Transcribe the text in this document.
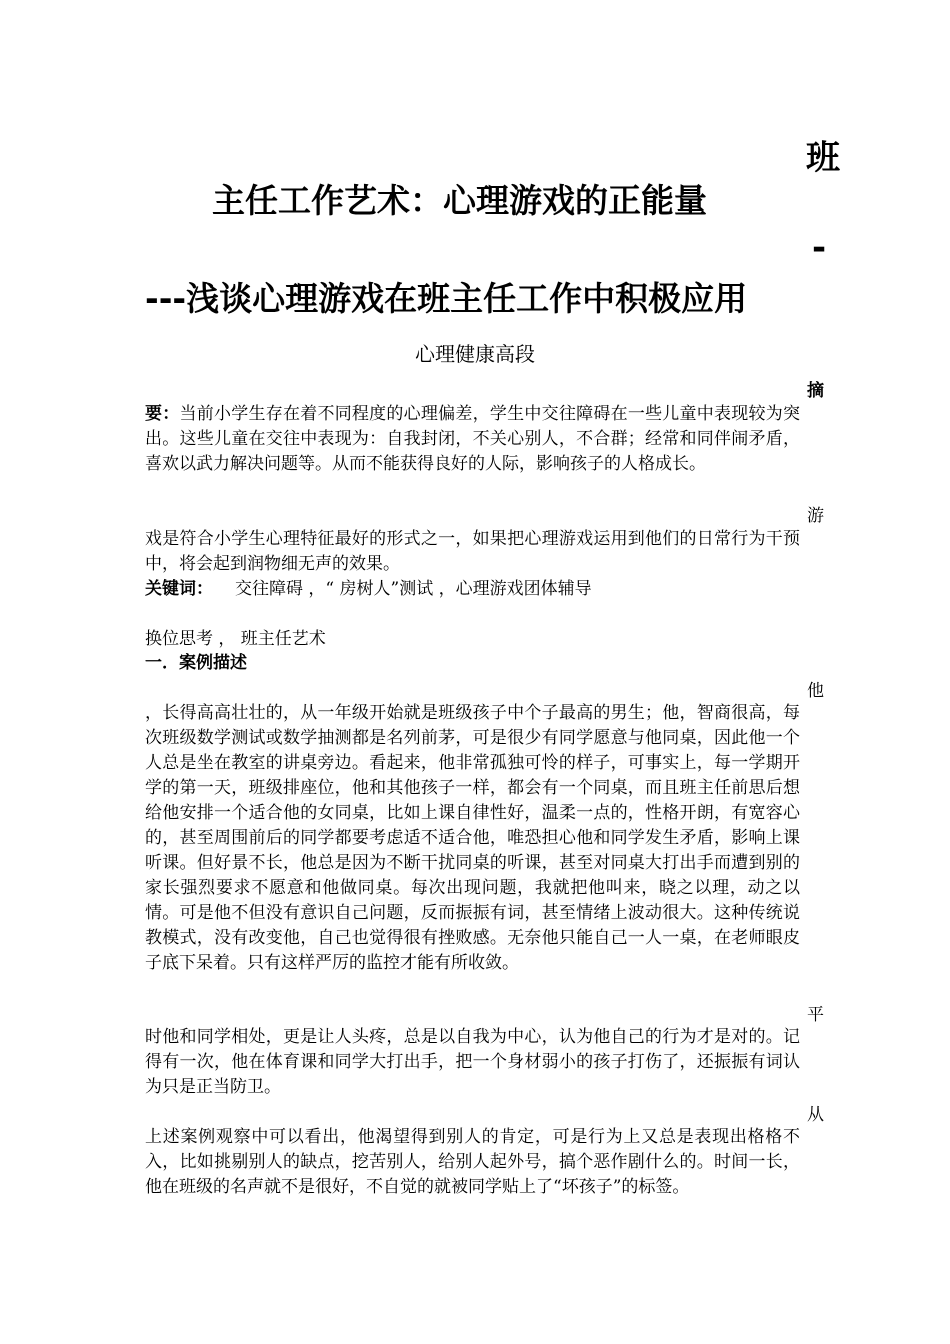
班
-
摘
游
他
平
从
主任工作艺术：心理游戏的正能量
---浅谈心理游戏在班主任工作中积极应用
心理健康高段

要：当前小学生存在着不同程度的心理偏差，学生中交往障碍在一些儿童中表现较为突出。这些儿童在交往中表现为：自我封闭，不关心别人，不合群；经常和同伴闹矛盾，喜欢以武力解决问题等。从而不能获得良好的人际，影响孩子的人格成长。

戏是符合小学生心理特征最好的形式之一，如果把心理游戏运用到他们的日常行为干预中，将会起到润物细无声的效果。

关键词： 交往障碍 ，“ 房树人”测试 ，心理游戏团体辅导
换位思考 ， 班主任艺术
一．案例描述

，长得高高壮壮的，从一年级开始就是班级孩子中个子最高的男生；他，智商很高，每次班级数学测试或数学抽测都是名列前茅，可是很少有同学愿意与他同桌，因此他一个人总是坐在教室的讲桌旁边。看起来，他非常孤独可怜的样子，可事实上，每一学期开学的第一天，班级排座位，他和其他孩子一样，都会有一个同桌，而且班主任前思后想给他安排一个适合他的女同桌，比如上课自律性好，温柔一点的，性格开朗，有宽容心的，甚至周围前后的同学都要考虑适不适合他，唯恐担心他和同学发生矛盾，影响上课听课。但好景不长，他总是因为不断干扰同桌的听课，甚至对同桌大打出手而遭到别的家长强烈要求不愿意和他做同桌。每次出现问题，我就把他叫来，晓之以理，动之以情。可是他不但没有意识自己问题，反而振振有词，甚至情绪上波动很大。这种传统说教模式，没有改变他，自己也觉得很有挫败感。无奈他只能自己一人一桌，在老师眼皮子底下呆着。只有这样严厉的监控才能有所收敛。

时他和同学相处，更是让人头疼，总是以自我为中心，认为他自己的行为才是对的。记得有一次，他在体育课和同学大打出手，把一个身材弱小的孩子打伤了，还振振有词认为只是正当防卫。

上述案例观察中可以看出，他渴望得到别人的肯定，可是行为上又总是表现出格格不入，比如挑剔别人的缺点，挖苦别人，给别人起外号，搞个恶作剧什么的。时间一长，他在班级的名声就不是很好，不自觉的就被同学贴上了“坏孩子”的标签。
